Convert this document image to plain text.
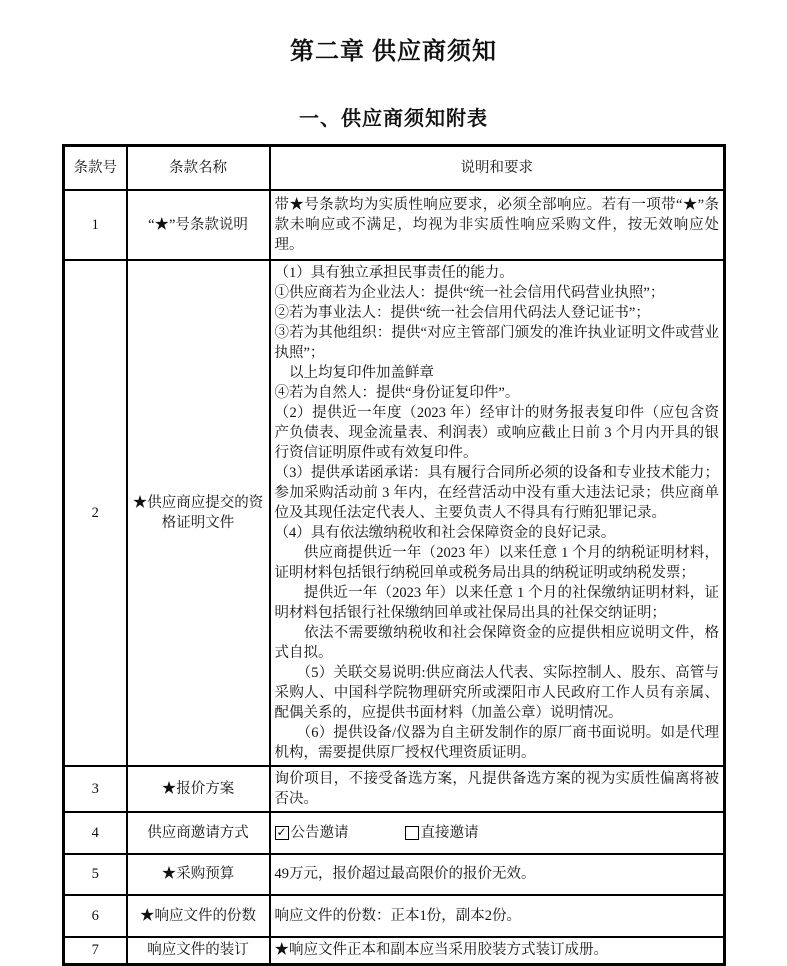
第二章 供应商须知
一、供应商须知附表
条款号	条款名称	说明和要求
1	“★”号条款说明	带★号条款均为实质性响应要求，必须全部响应。若有一项带“★”条款未响应或不满足，均视为非实质性响应采购文件，按无效响应处理。

2	★供应商应提交的资格证明文件	

（1）具有独立承担民事责任的能力。

①供应商若为企业法人：提供“统一社会信用代码营业执照”；

②若为事业法人：提供“统一社会信用代码法人登记证书”；

③若为其他组织：提供“对应主管部门颁发的准许执业证明文件或营业执照”；

　以上均复印件加盖鲜章

④若为自然人：提供“身份证复印件”。

（2）提供近一年度（2023 年）经审计的财务报表复印件（应包含资产负债表、现金流量表、利润表）或响应截止日前 3 个月内开具的银行资信证明原件或有效复印件。

（3）提供承诺函承诺：具有履行合同所必须的设备和专业技术能力；参加采购活动前 3 年内，在经营活动中没有重大违法记录；供应商单位及其现任法定代表人、主要负责人不得具有行贿犯罪记录。

（4）具有依法缴纳税收和社会保障资金的良好记录。

　　供应商提供近一年（2023 年）以来任意 1 个月的纳税证明材料，证明材料包括银行纳税回单或税务局出具的纳税证明或纳税发票；

　　提供近一年（2023 年）以来任意 1 个月的社保缴纳证明材料，证明材料包括银行社保缴纳回单或社保局出具的社保交纳证明；

　　依法不需要缴纳税收和社会保障资金的应提供相应说明文件，格式自拟。

　　（5）关联交易说明:供应商法人代表、实际控制人、股东、高管与采购人、中国科学院物理研究所或溧阳市人民政府工作人员有亲属、配偶关系的，应提供书面材料（加盖公章）说明情况。

　　（6）提供设备/仪器为自主研发制作的原厂商书面说明。如是代理机构，需要提供原厂授权代理资质证明。

3	★报价方案	询价项目，不接受备选方案，凡提供备选方案的视为实质性偏离将被否决。

4	供应商邀请方式	✓ 公告邀请 直接邀请

5	★采购预算	49万元，报价超过最高限价的报价无效。

6	★响应文件的份数	响应文件的份数：正本1份，副本2份。

7	响应文件的装订	★响应文件正本和副本应当采用胶装方式装订成册。
